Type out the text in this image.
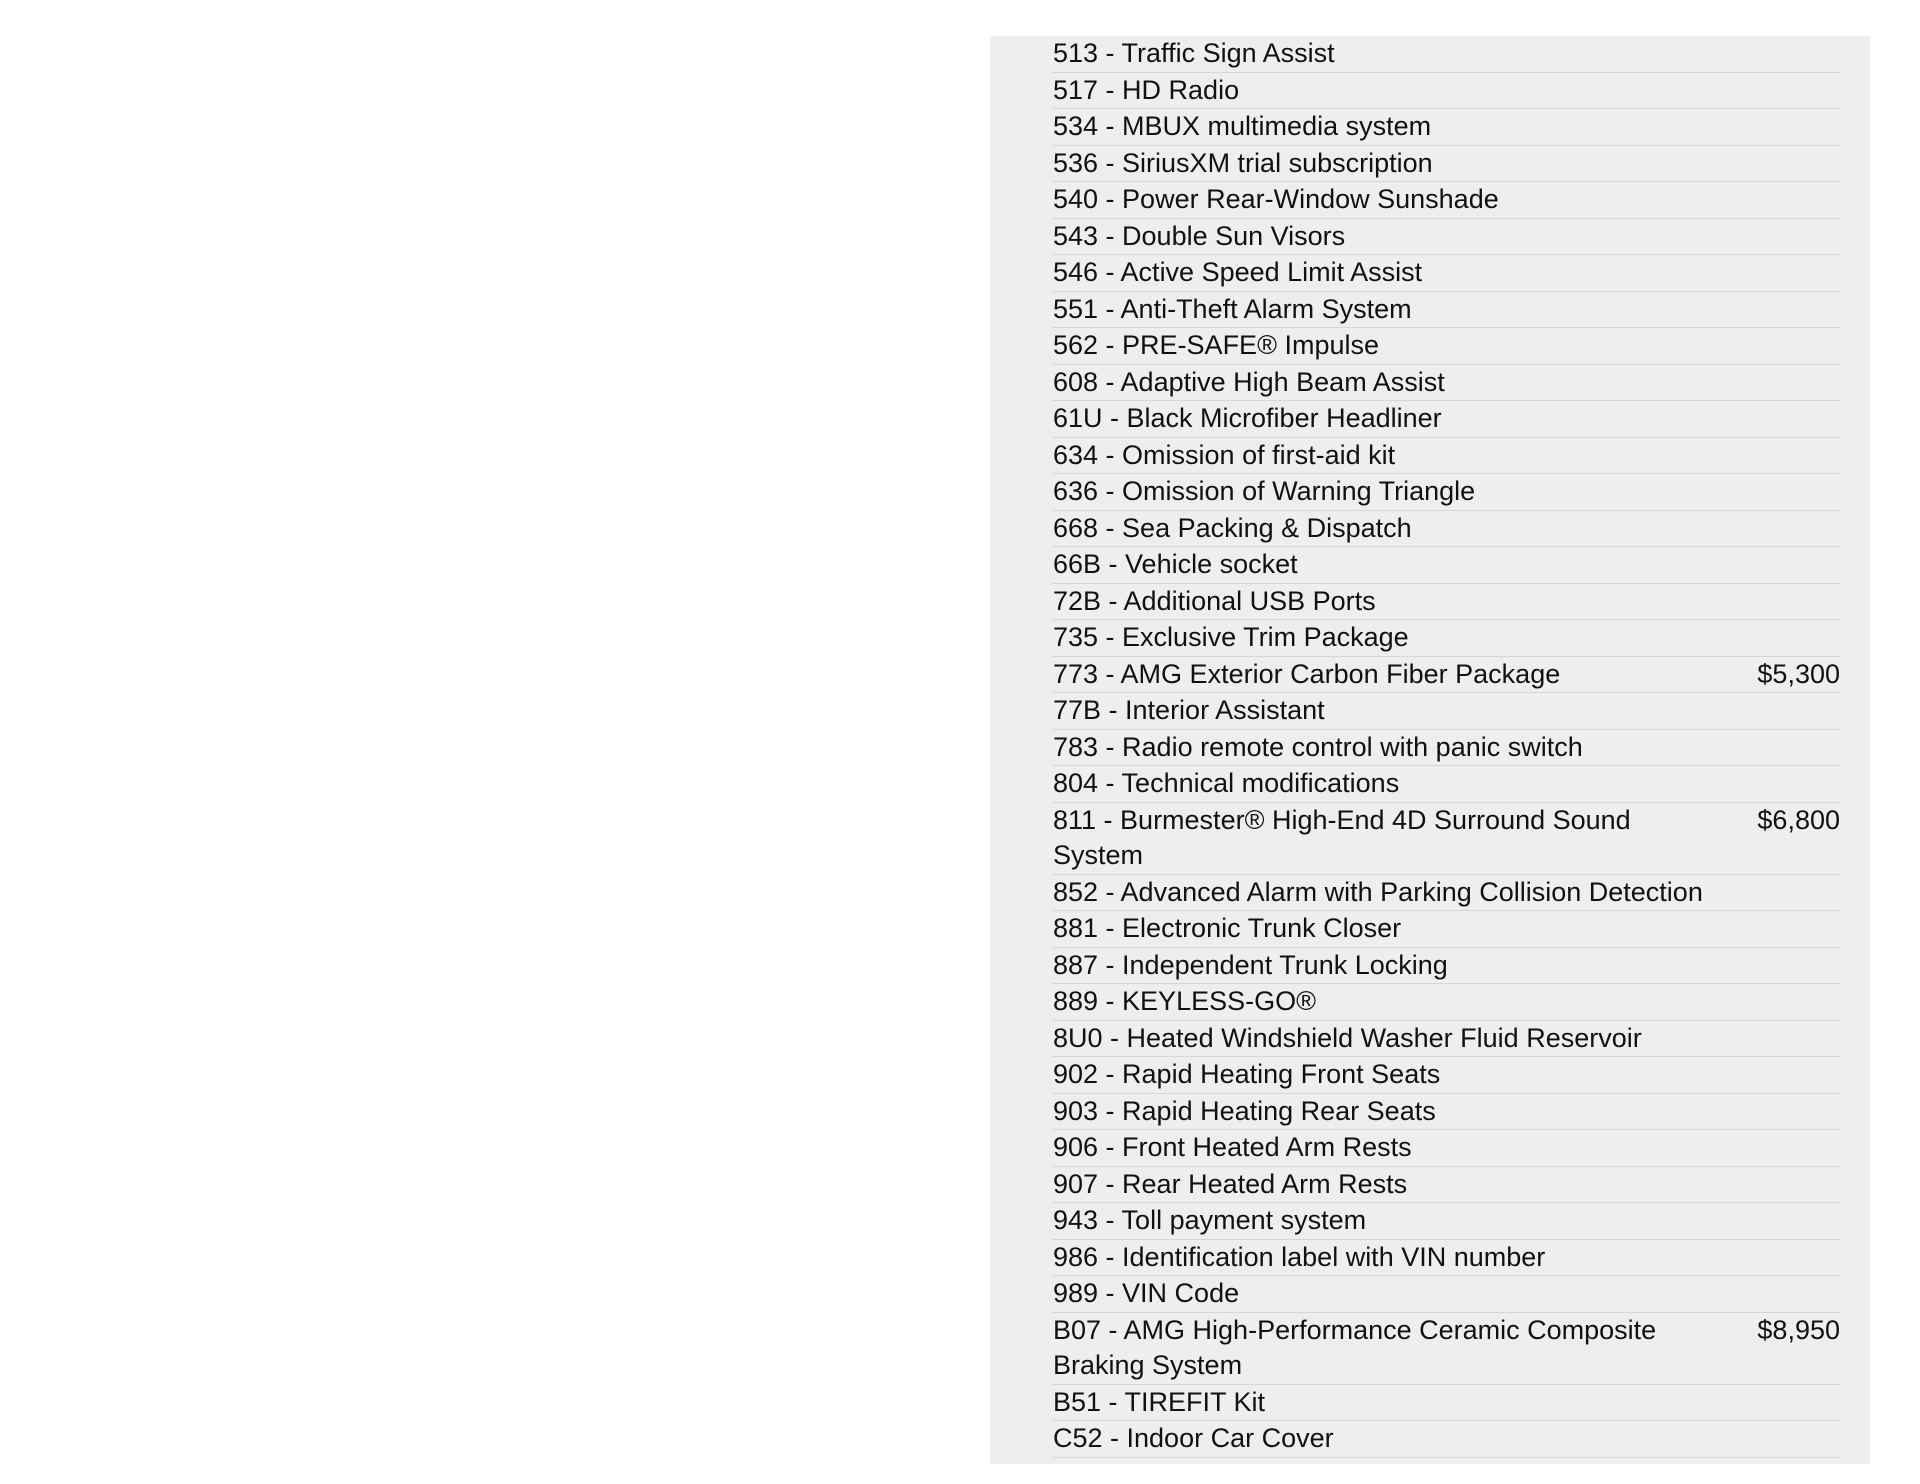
513 - Traffic Sign Assist
517 - HD Radio
534 - MBUX multimedia system
536 - SiriusXM trial subscription
540 - Power Rear-Window Sunshade
543 - Double Sun Visors
546 - Active Speed Limit Assist
551 - Anti-Theft Alarm System
562 - PRE-SAFE® Impulse
608 - Adaptive High Beam Assist
61U - Black Microfiber Headliner
634 - Omission of first-aid kit
636 - Omission of Warning Triangle
668 - Sea Packing & Dispatch
66B - Vehicle socket
72B - Additional USB Ports
735 - Exclusive Trim Package
773 - AMG Exterior Carbon Fiber Package	$5,300
77B - Interior Assistant
783 - Radio remote control with panic switch
804 - Technical modifications
811 - Burmester® High-End 4D Surround Sound System
$6,800
852 - Advanced Alarm with Parking Collision Detection
881 - Electronic Trunk Closer
887 - Independent Trunk Locking
889 - KEYLESS-GO®
8U0 - Heated Windshield Washer Fluid Reservoir
902 - Rapid Heating Front Seats
903 - Rapid Heating Rear Seats
906 - Front Heated Arm Rests
907 - Rear Heated Arm Rests
943 - Toll payment system
986 - Identification label with VIN number
989 - VIN Code
B07 - AMG High-Performance Ceramic Composite Braking System
$8,950
B51 - TIREFIT Kit
C52 - Indoor Car Cover
